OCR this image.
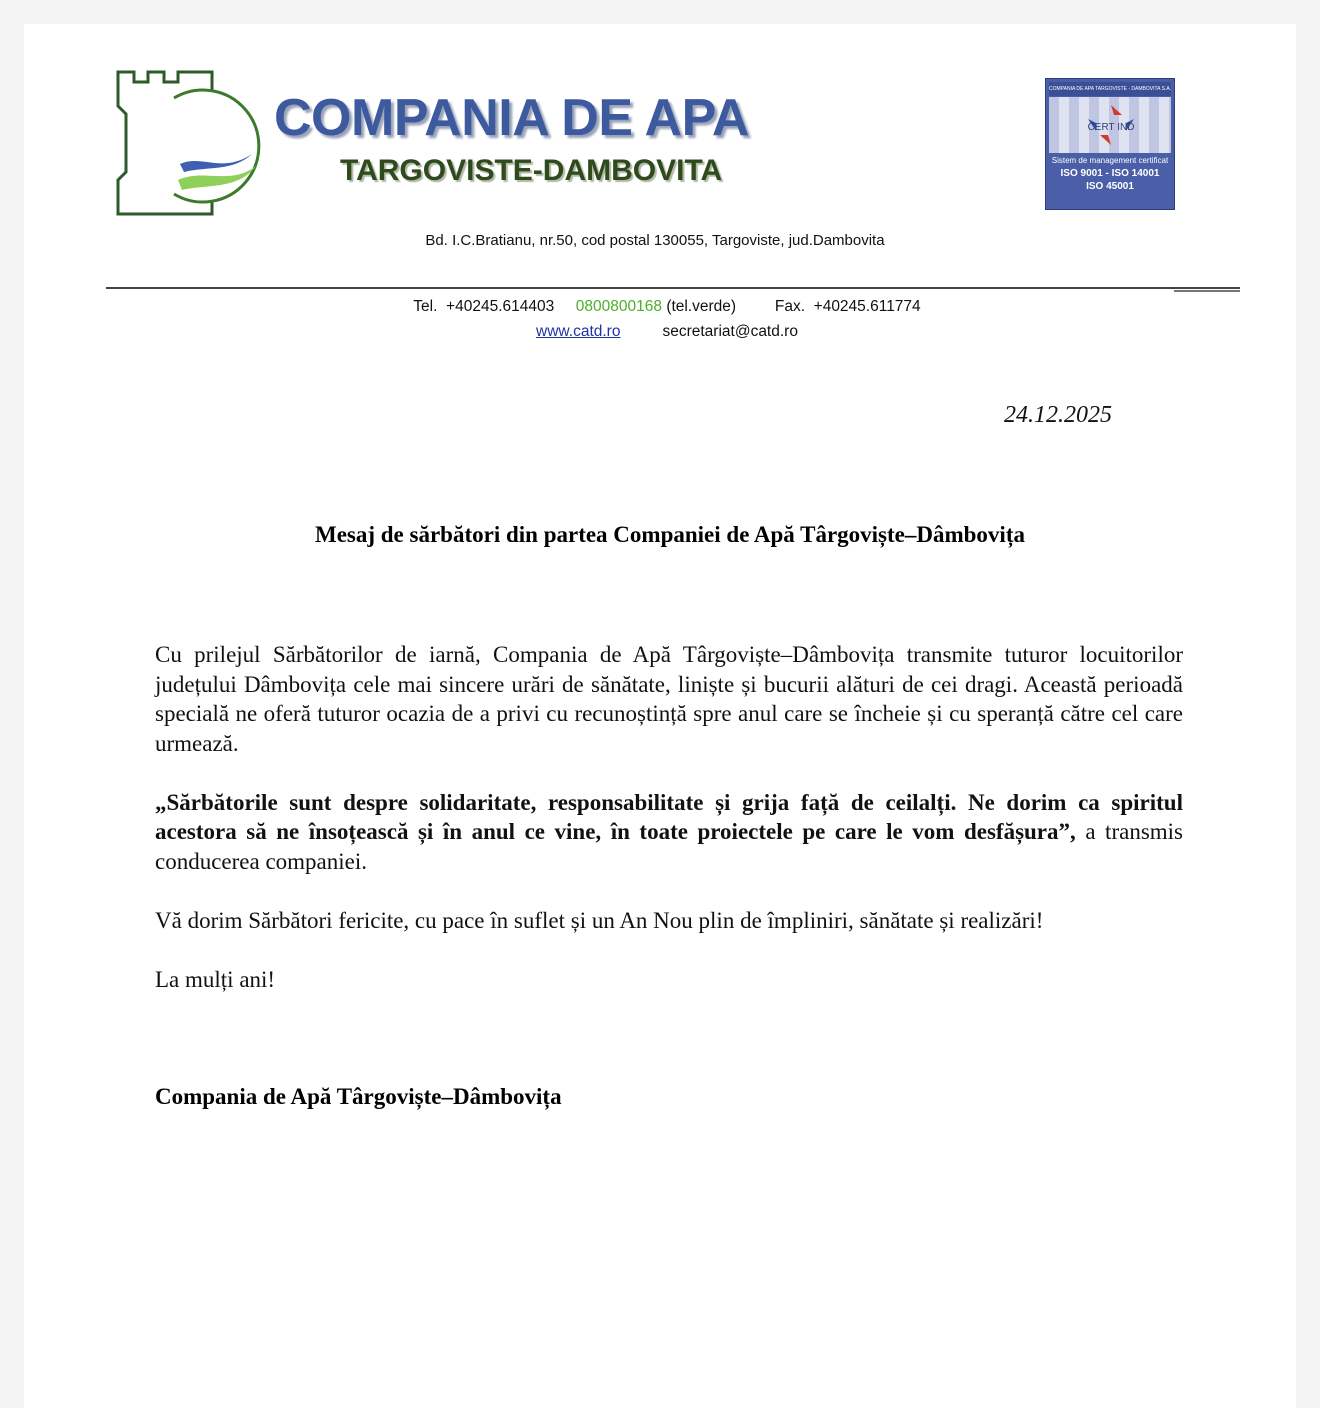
COMPANIA DE APA
TARGOVISTE-DAMBOVITA
COMPANIA DE APA TARGOVISTE - DAMBOVITA S.A.
CERT IND
Sistem de management certificat
ISO 9001 - ISO 14001
ISO 45001
Bd. I.C.Bratianu, nr.50, cod postal 130055, Targoviste, jud.Dambovita
Tel. +40245.614403 0800800168 (tel.verde)	Fax. +40245.611774
www.catd.ro	secretariat@catd.ro
24.12.2025
Mesaj de sărbători din partea Companiei de Apă Târgoviște–Dâmbovița

Cu prilejul Sărbătorilor de iarnă, Compania de Apă Târgoviște–Dâmbovița transmite tuturor locuitorilor județului Dâmbovița cele mai sincere urări de sănătate, liniște și bucurii alături de cei dragi. Această perioadă specială ne oferă tuturor ocazia de a privi cu recunoștință spre anul care se încheie și cu speranță către cel care urmează.

„Sărbătorile sunt despre solidaritate, responsabilitate și grija față de ceilalți. Ne dorim ca spiritul acestora să ne însoțească și în anul ce vine, în toate proiectele pe care le vom desfășura”, a transmis conducerea companiei.

Vă dorim Sărbători fericite, cu pace în suflet și un An Nou plin de împliniri, sănătate și realizări!

La mulți ani!

Compania de Apă Târgoviște–Dâmbovița
